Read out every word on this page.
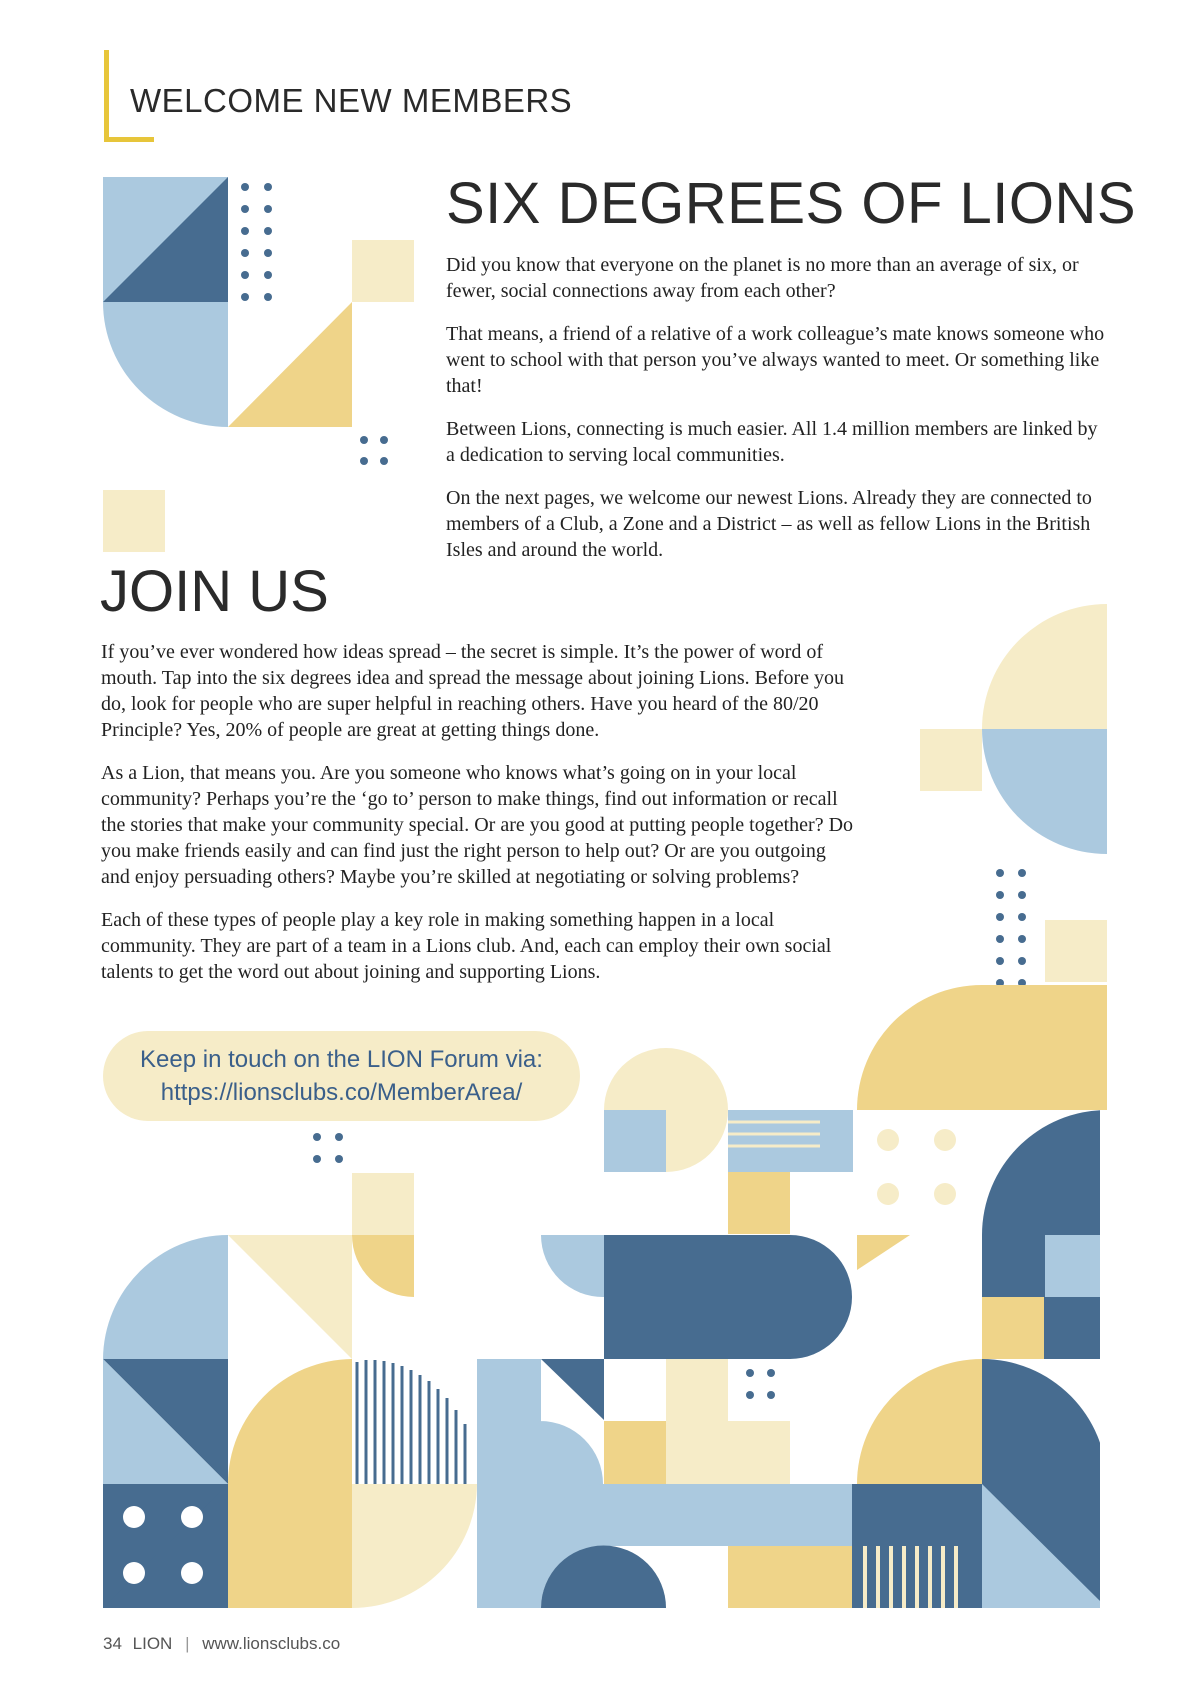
WELCOME NEW MEMBERS
SIX DEGREES OF LIONS

Did you know that everyone on the planet is no more than an average of six, or fewer, social connections away from each other?

That means, a friend of a relative of a work colleague’s mate knows someone who went to school with that person you’ve always wanted to meet. Or something like that!

Between Lions, connecting is much easier. All 1.4 million members are linked by a dedication to serving local communities.

On the next pages, we welcome our newest Lions. Already they are connected to members of a Club, a Zone and a District – as well as fellow Lions in the British Isles and around the world.

JOIN US

If you’ve ever wondered how ideas spread – the secret is simple. It’s the power of word of mouth. Tap into the six degrees idea and spread the message about joining Lions. Before you do, look for people who are super helpful in reaching others. Have you heard of the 80/20 Principle? Yes, 20% of people are great at getting things done.

As a Lion, that means you. Are you someone who knows what’s going on in your local community? Perhaps you’re the ‘go to’ person to make things, find out information or recall the stories that make your community special. Or are you good at putting people together? Do you make friends easily and can find just the right person to help out? Or are you outgoing and enjoy persuading others? Maybe you’re skilled at negotiating or solving problems?

Each of these types of people play a key role in making something happen in a local community. They are part of a team in a Lions club. And, each can employ their own social talents to get the word out about joining and supporting Lions.

Keep in touch on the LION Forum via:
https://lionsclubs.co/MemberArea/
34 LION | www.lionsclubs.co
